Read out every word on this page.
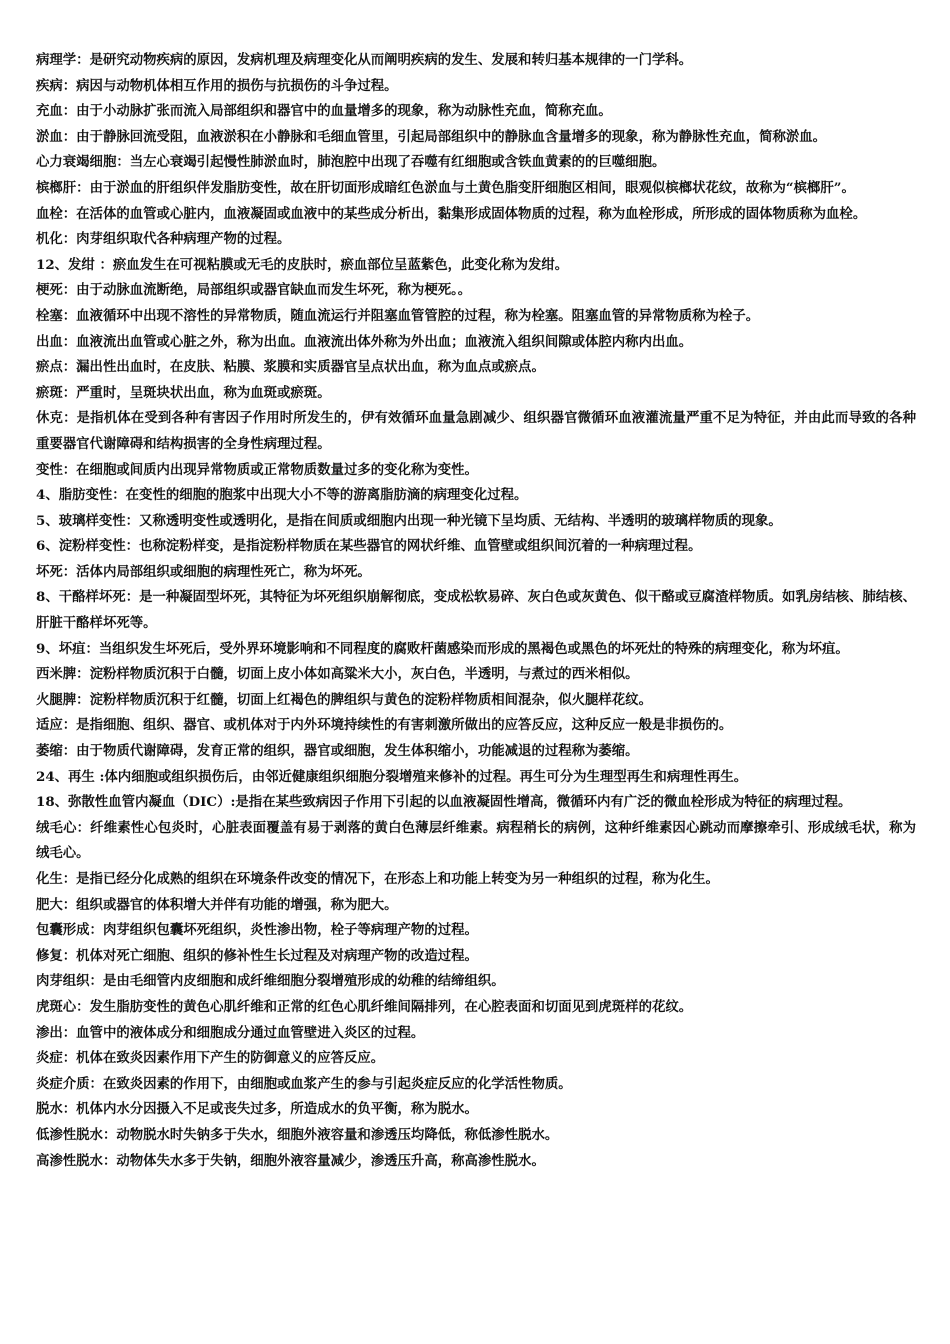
病理学：是研究动物疾病的原因，发病机理及病理变化从而阐明疾病的发生、发展和转归基本规律的一门学科。

疾病：病因与动物机体相互作用的损伤与抗损伤的斗争过程。

充血：由于小动脉扩张而流入局部组织和器官中的血量增多的现象，称为动脉性充血，简称充血。

淤血：由于静脉回流受阻，血液淤积在小静脉和毛细血管里，引起局部组织中的静脉血含量增多的现象，称为静脉性充血，简称淤血。

心力衰竭细胞：当左心衰竭引起慢性肺淤血时，肺泡腔中出现了吞噬有红细胞或含铁血黄素的的巨噬细胞。

槟榔肝：由于淤血的肝组织伴发脂肪变性，故在肝切面形成暗红色淤血与土黄色脂变肝细胞区相间，眼观似槟榔状花纹，故称为“槟榔肝”。

血栓：在活体的血管或心脏内，血液凝固或血液中的某些成分析出，黏集形成固体物质的过程，称为血栓形成，所形成的固体物质称为血栓。

机化：肉芽组织取代各种病理产物的过程。

12、发绀 ：瘀血发生在可视粘膜或无毛的皮肤时，瘀血部位呈蓝紫色，此变化称为发绀。

梗死：由于动脉血流断绝，局部组织或器官缺血而发生坏死，称为梗死。。

栓塞：血液循环中出现不溶性的异常物质，随血流运行并阻塞血管管腔的过程，称为栓塞。阻塞血管的异常物质称为栓子。

出血：血液流出血管或心脏之外，称为出血。血液流出体外称为外出血；血液流入组织间隙或体腔内称内出血。

瘀点：漏出性出血时，在皮肤、粘膜、浆膜和实质器官呈点状出血，称为血点或瘀点。

瘀斑：严重时，呈斑块状出血，称为血斑或瘀斑。

休克：是指机体在受到各种有害因子作用时所发生的，伊有效循环血量急剧减少、组织器官微循环血液灌流量严重不足为特征，并由此而导致的各种重要器官代谢障碍和结构损害的全身性病理过程。

变性：在细胞或间质内出现异常物质或正常物质数量过多的变化称为变性。

4、脂肪变性：在变性的细胞的胞浆中出现大小不等的游离脂肪滴的病理变化过程。

5、玻璃样变性：又称透明变性或透明化，是指在间质或细胞内出现一种光镜下呈均质、无结构、半透明的玻璃样物质的现象。

6、淀粉样变性：也称淀粉样变，是指淀粉样物质在某些器官的网状纤维、血管壁或组织间沉着的一种病理过程。

坏死：活体内局部组织或细胞的病理性死亡，称为坏死。

8、干酪样坏死：是一种凝固型坏死，其特征为坏死组织崩解彻底，变成松软易碎、灰白色或灰黄色、似干酪或豆腐渣样物质。如乳房结核、肺结核、肝脏干酪样坏死等。

9、坏疽：当组织发生坏死后，受外界环境影响和不同程度的腐败杆菌感染而形成的黑褐色或黑色的坏死灶的特殊的病理变化，称为坏疽。

西米脾：淀粉样物质沉积于白髓，切面上皮小体如高粱米大小，灰白色，半透明，与煮过的西米相似。

火腿脾：淀粉样物质沉积于红髓，切面上红褐色的脾组织与黄色的淀粉样物质相间混杂，似火腿样花纹。

适应：是指细胞、组织、器官、或机体对于内外环境持续性的有害刺激所做出的应答反应，这种反应一般是非损伤的。

萎缩：由于物质代谢障碍，发育正常的组织，器官或细胞，发生体积缩小，功能减退的过程称为萎缩。

24、再生 :体内细胞或组织损伤后，由邻近健康组织细胞分裂增殖来修补的过程。再生可分为生理型再生和病理性再生。

18、弥散性血管内凝血（DIC）:是指在某些致病因子作用下引起的以血液凝固性增高，微循环内有广泛的微血栓形成为特征的病理过程。

绒毛心：纤维素性心包炎时，心脏表面覆盖有易于剥落的黄白色薄层纤维素。病程稍长的病例，这种纤维素因心跳动而摩擦牵引、形成绒毛状，称为绒毛心。

化生：是指已经分化成熟的组织在环境条件改变的情况下，在形态上和功能上转变为另一种组织的过程，称为化生。

肥大：组织或器官的体积增大并伴有功能的增强，称为肥大。

包囊形成：肉芽组织包囊坏死组织，炎性渗出物，栓子等病理产物的过程。

修复：机体对死亡细胞、组织的修补性生长过程及对病理产物的改造过程。

肉芽组织：是由毛细管内皮细胞和成纤维细胞分裂增殖形成的幼稚的结缔组织。

虎斑心：发生脂肪变性的黄色心肌纤维和正常的红色心肌纤维间隔排列，在心腔表面和切面见到虎斑样的花纹。

渗出：血管中的液体成分和细胞成分通过血管壁进入炎区的过程。

炎症：机体在致炎因素作用下产生的防御意义的应答反应。

炎症介质：在致炎因素的作用下，由细胞或血浆产生的参与引起炎症反应的化学活性物质。

脱水：机体内水分因摄入不足或丧失过多，所造成水的负平衡，称为脱水。

低渗性脱水：动物脱水时失钠多于失水，细胞外液容量和渗透压均降低，称低渗性脱水。

高渗性脱水：动物体失水多于失钠，细胞外液容量减少，渗透压升高，称高渗性脱水。
